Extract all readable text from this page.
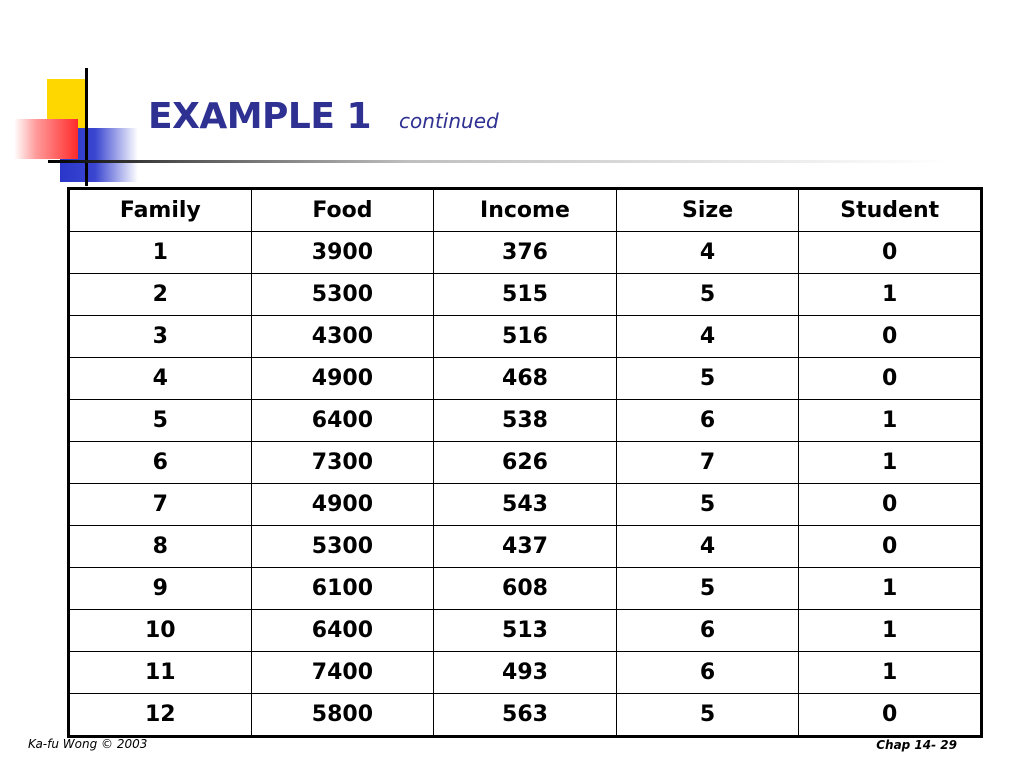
EXAMPLE 1 continued
Family	Food	Income	Size	Student
1	3900	376	4	0
2	5300	515	5	1
3	4300	516	4	0
4	4900	468	5	0
5	6400	538	6	1
6	7300	626	7	1
7	4900	543	5	0
8	5300	437	4	0
9	6100	608	5	1
10	6400	513	6	1
11	7400	493	6	1
12	5800	563	5	0
Ka-fu Wong © 2003	Chap 14- 29
